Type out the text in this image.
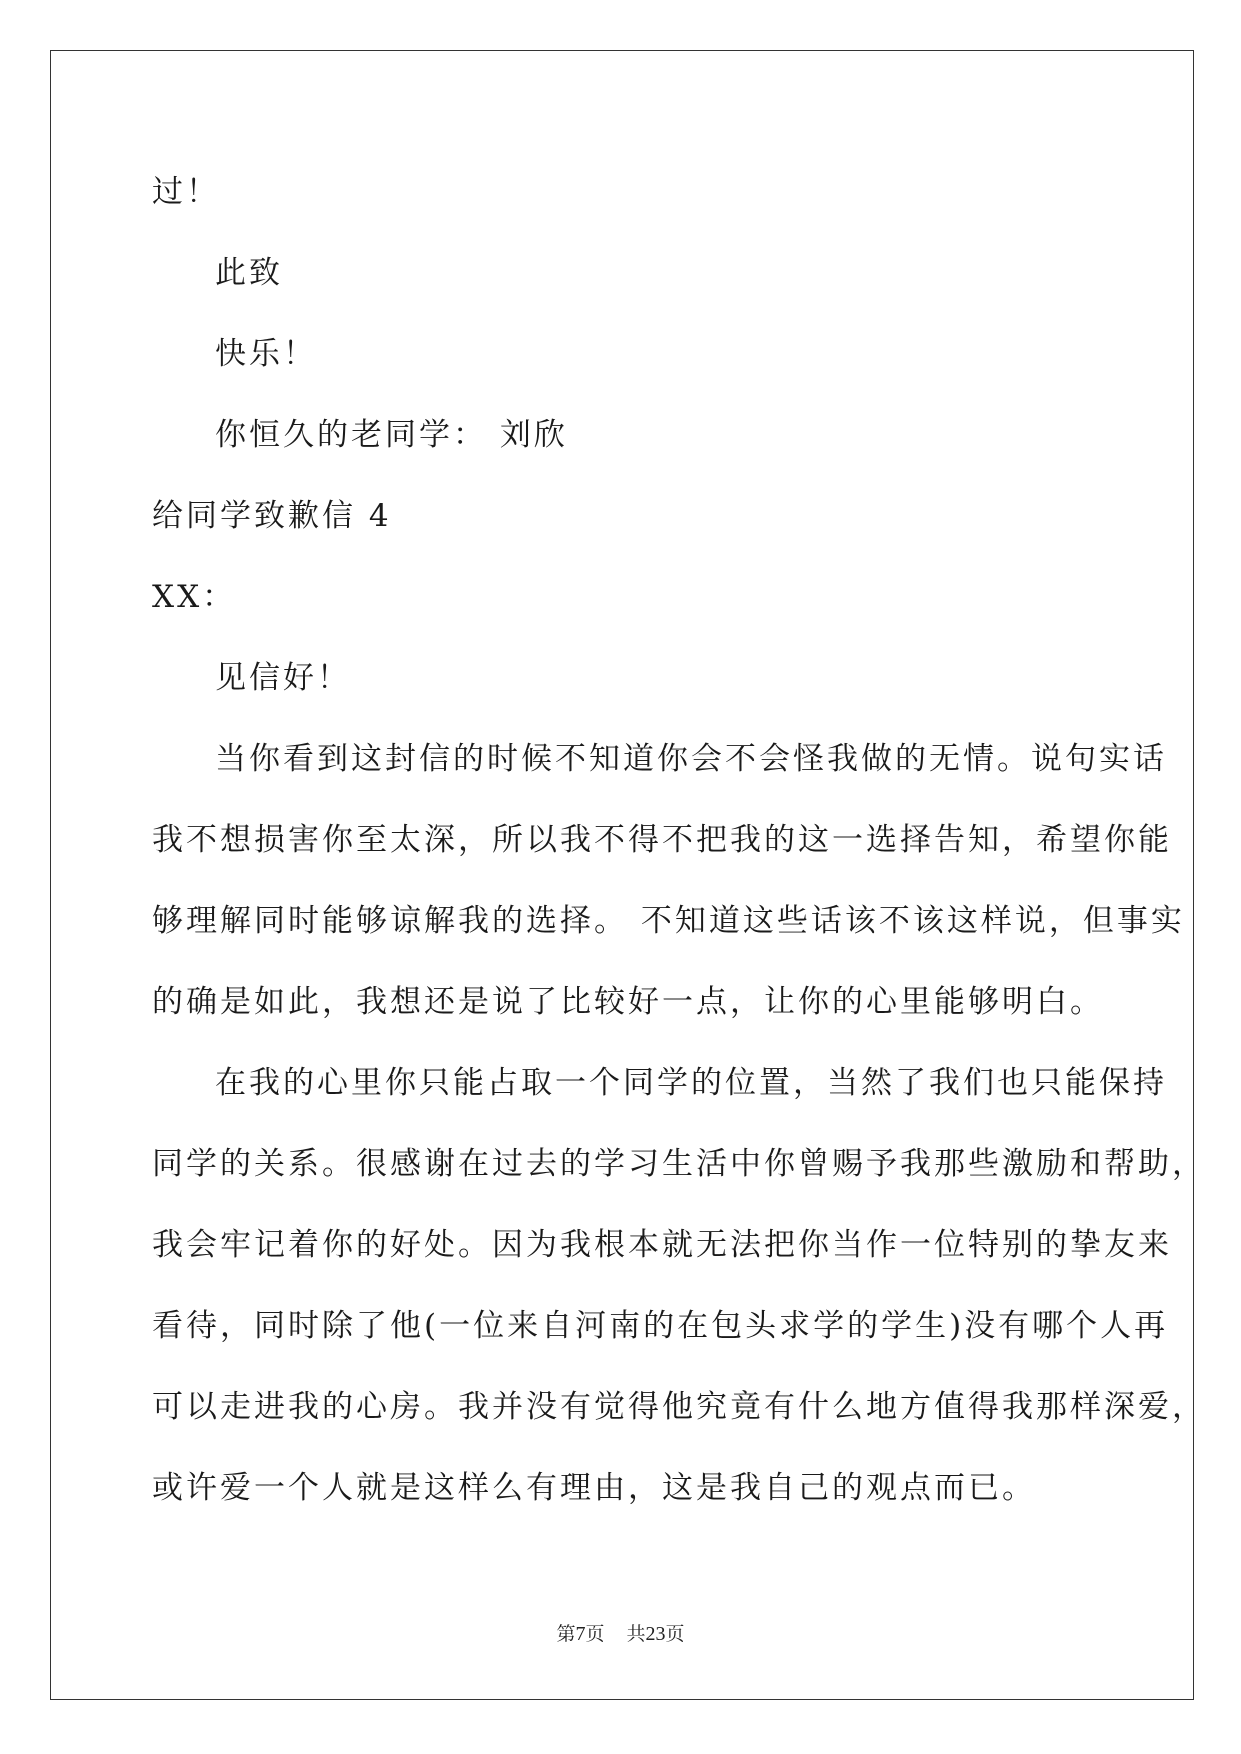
过！
此致
快乐！
你恒久的老同学： 刘欣
给同学致歉信 4
XX：
见信好！
当你看到这封信的时候不知道你会不会怪我做的无情。说句实话
我不想损害你至太深，所以我不得不把我的这一选择告知，希望你能
够理解同时能够谅解我的选择。 不知道这些话该不该这样说，但事实
的确是如此，我想还是说了比较好一点，让你的心里能够明白。
在我的心里你只能占取一个同学的位置，当然了我们也只能保持
同学的关系。很感谢在过去的学习生活中你曾赐予我那些激励和帮助，
我会牢记着你的好处。因为我根本就无法把你当作一位特别的挚友来
看待，同时除了他(一位来自河南的在包头求学的学生)没有哪个人再
可以走进我的心房。我并没有觉得他究竟有什么地方值得我那样深爱，
或许爱一个人就是这样么有理由，这是我自己的观点而已。
第7页 共23页
